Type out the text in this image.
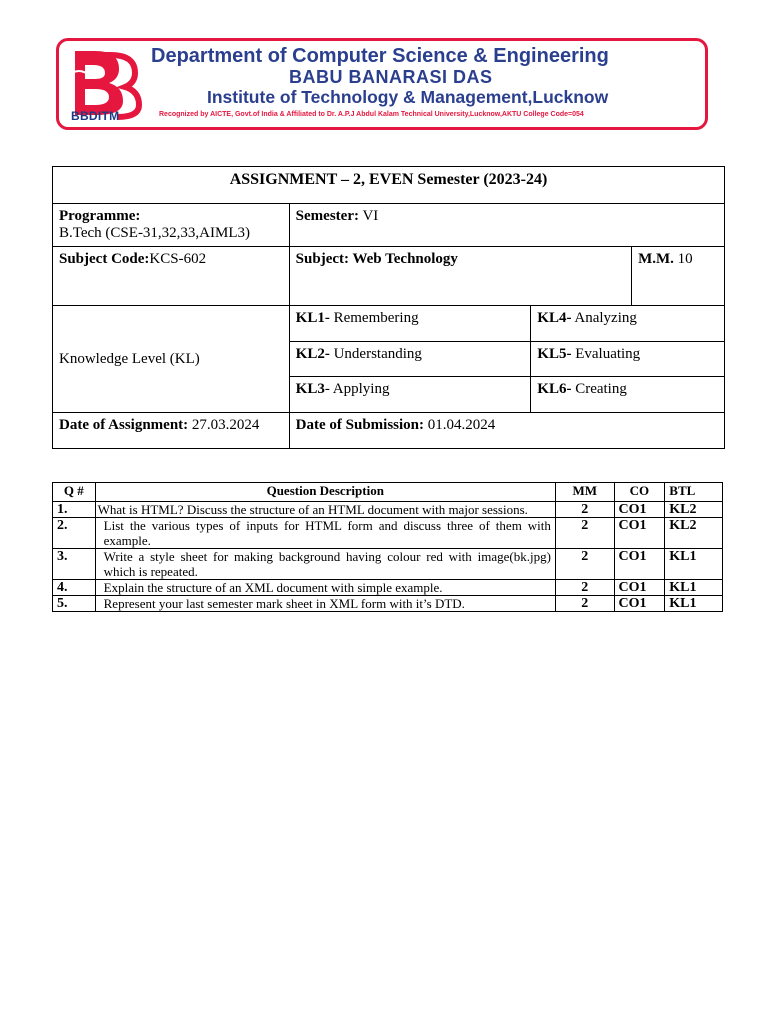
BBDITM
Department of Computer Science & Engineering
BABU BANARASI DAS
Institute of Technology & Management,Lucknow
Recognized by AICTE, Govt.of India & Affiliated to Dr. A.P.J Abdul Kalam Technical University,Lucknow,AKTU College Code=054
ASSIGNMENT – 2, EVEN Semester (2023-24)			
Programme:
B.Tech (CSE-31,32,33,AIML3)	Semester: VI		
Subject Code:KCS-602	Subject: Web Technology		M.M. 10
Knowledge Level (KL)	KL1- Remembering	KL4- Analyzing	
	KL2- Understanding	KL5- Evaluating	
	KL3- Applying	KL6- Creating	
Date of Assignment: 27.03.2024	Date of Submission: 01.04.2024		
Q #	Question Description	MM	CO	BTL
1.	What is HTML? Discuss the structure of an HTML document with major sessions.	2	CO1	KL2
2.	List the various types of inputs for HTML form and discuss three of them with example.	2	CO1	KL2
3.	Write a style sheet for making background having colour red with image(bk.jpg) which is repeated.	2	CO1	KL1
4.	Explain the structure of an XML document with simple example.	2	CO1	KL1
5.	Represent your last semester mark sheet in XML form with it’s DTD.	2	CO1	KL1
